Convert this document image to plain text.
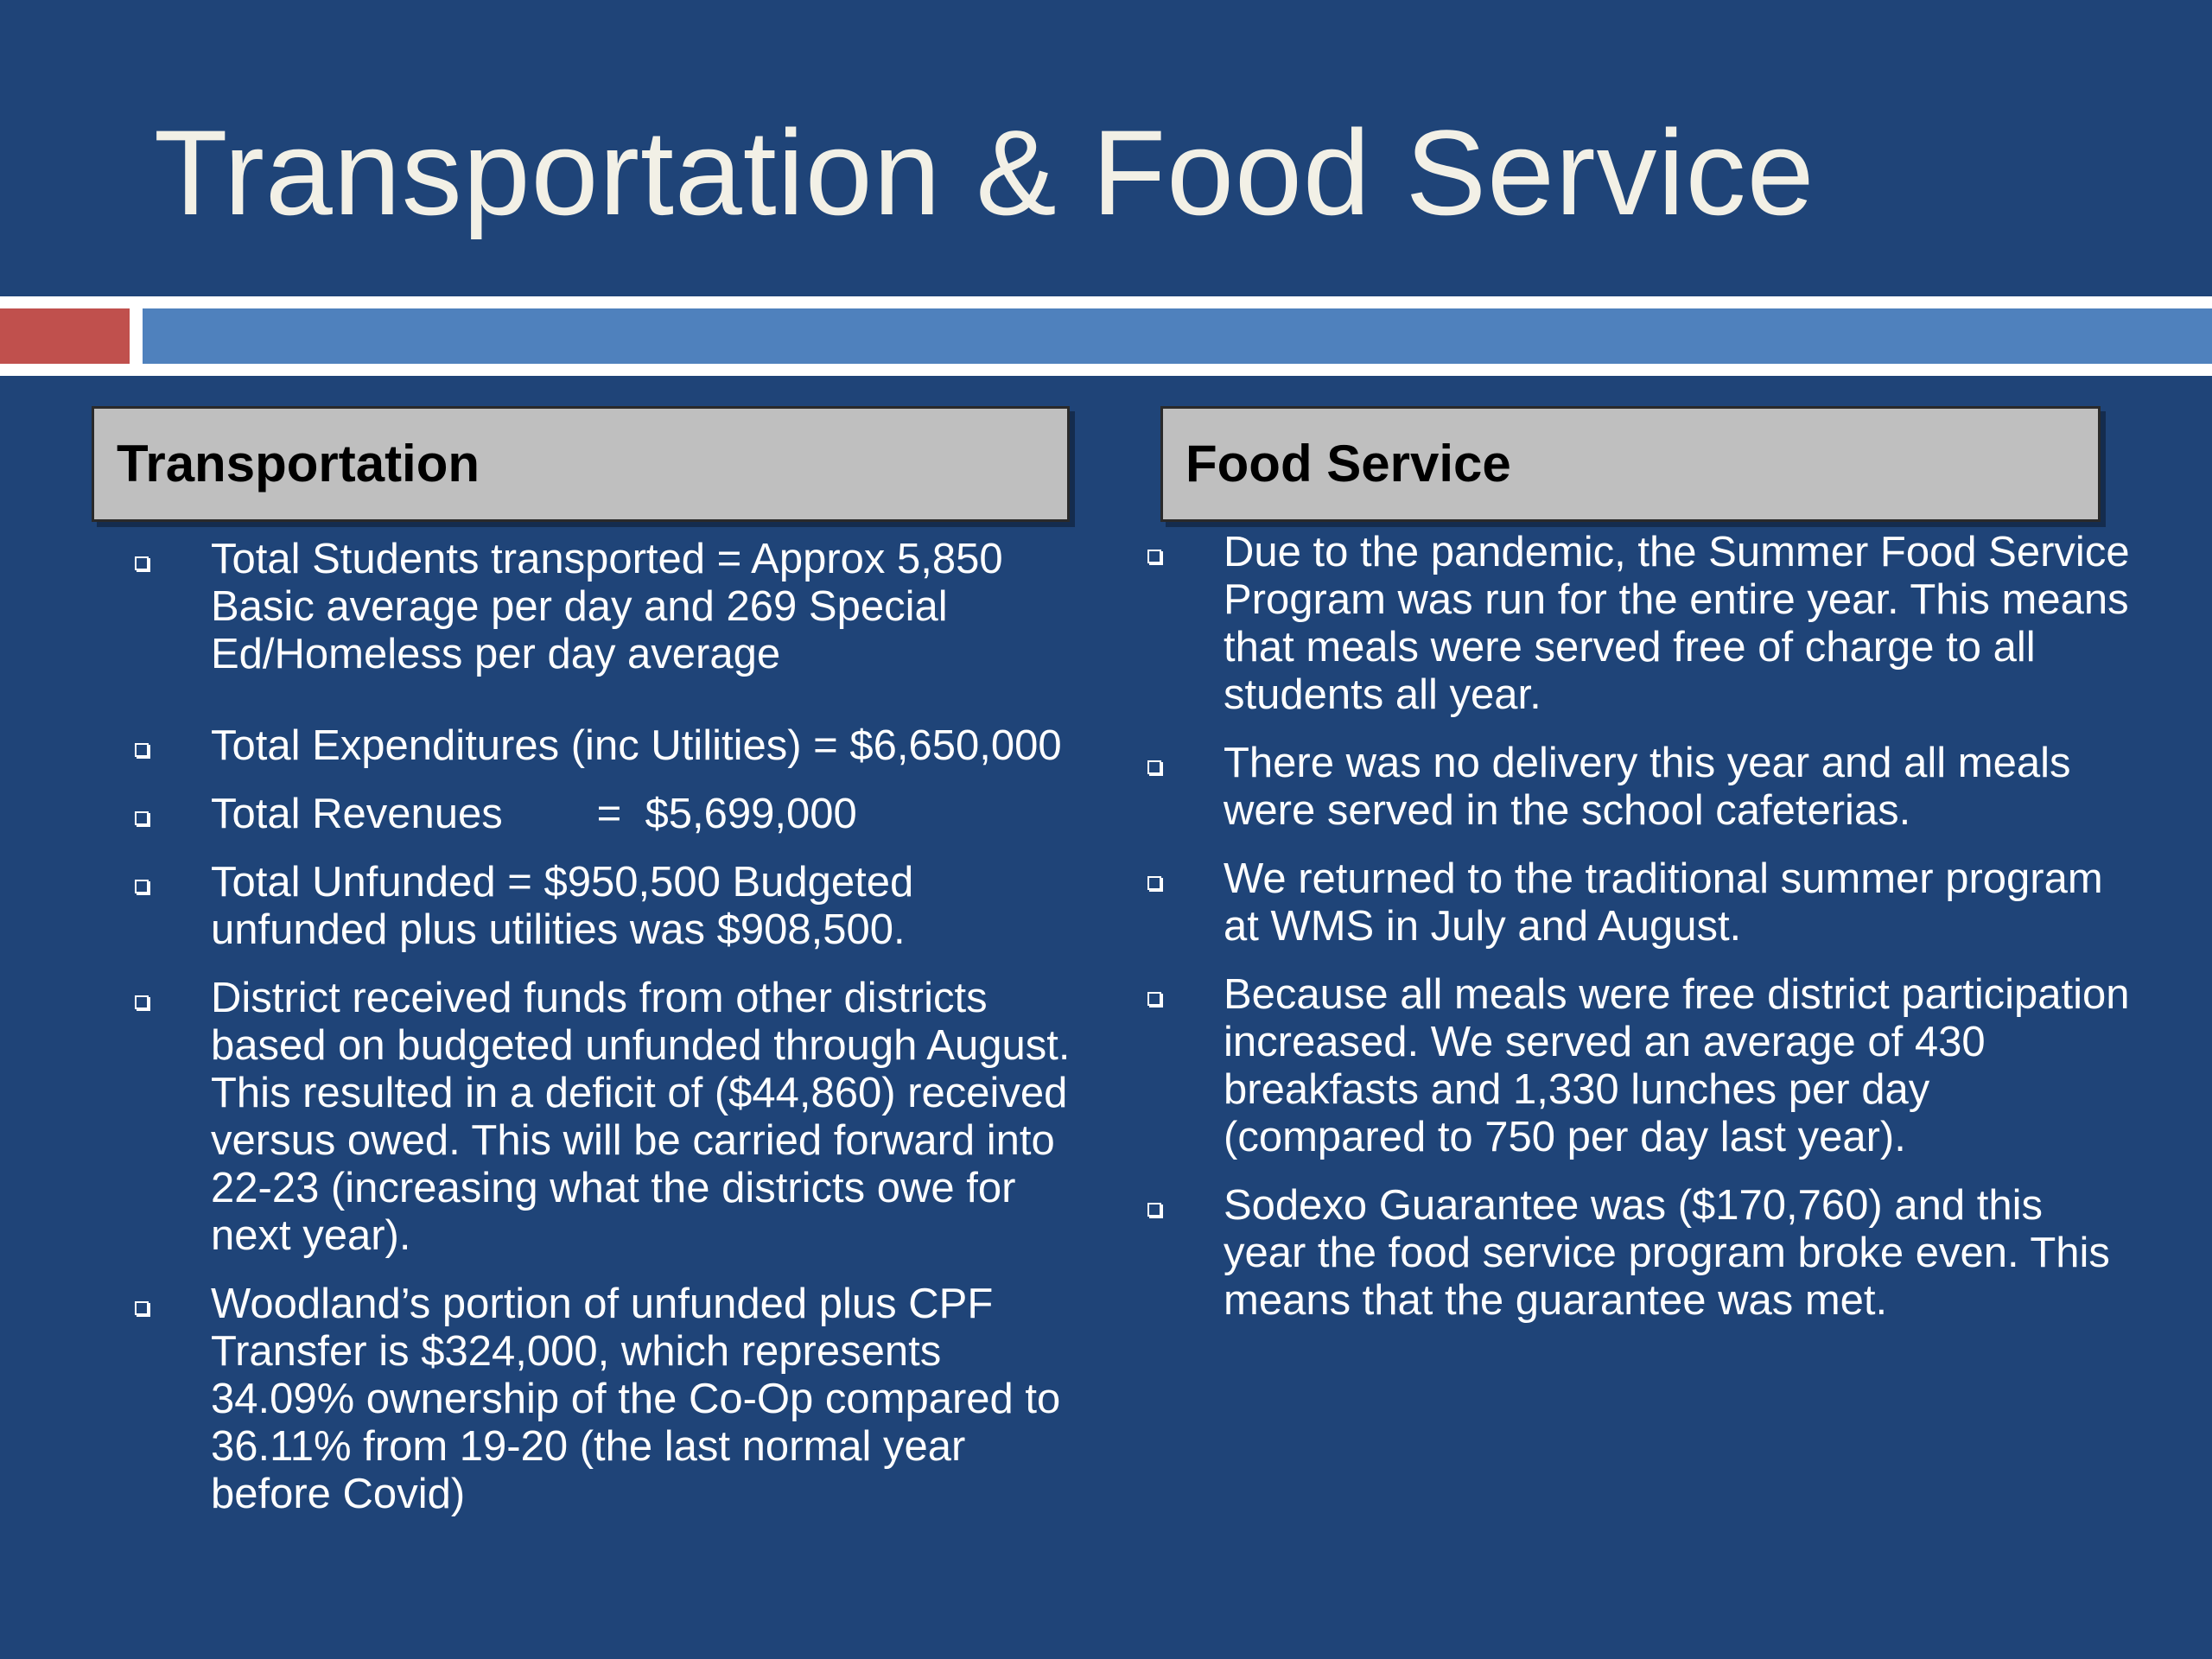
Transportation & Food Service
Transportation	Food Service
Total Students transported = Approx 5,850 Basic average per day and 269 Special Ed/Homeless per day average
Total Expenditures (inc Utilities) = $6,650,000
Total Revenues        =  $5,699,000
Total Unfunded = $950,500 Budgeted unfunded plus utilities was $908,500.
District received funds from other districts based on budgeted unfunded through August. This resulted in a deficit of ($44,860) received versus owed. This will be carried forward into 22-23 (increasing what the districts owe for next year).
Woodland’s portion of unfunded plus CPF Transfer is $324,000, which represents 34.09% ownership of the Co-Op compared to 36.11% from 19-20 (the last normal year before Covid)
Due to the pandemic, the Summer Food Service Program was run for the entire year. This means that meals were served free of charge to all students all year.
There was no delivery this year and all meals were served in the school cafeterias.
We returned to the traditional summer program at WMS in July and August.
Because all meals were free district participation increased. We served an average of 430 breakfasts and 1,330 lunches per day (compared to 750 per day last year).
Sodexo Guarantee was ($170,760) and this year the food service program broke even. This means that the guarantee was met.
